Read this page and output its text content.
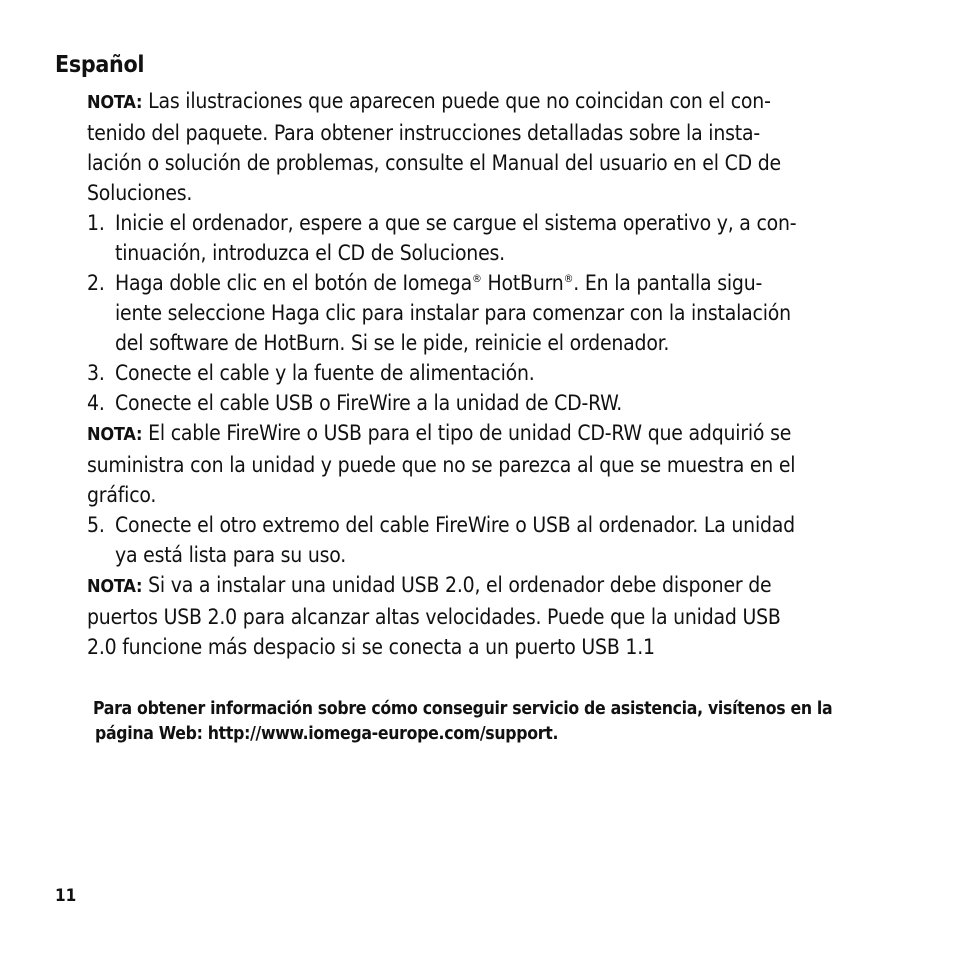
Español
NOTA: Las ilustraciones que aparecen puede que no coincidan con el con-
tenido del paquete. Para obtener instrucciones detalladas sobre la insta-
lación o solución de problemas, consulte el Manual del usuario en el CD de
Soluciones.
1. Inicie el ordenador, espere a que se cargue el sistema operativo y, a con-
tinuación, introduzca el CD de Soluciones.
2. Haga doble clic en el botón de Iomega® HotBurn®. En la pantalla sigu-
iente seleccione Haga clic para instalar para comenzar con la instalación
del software de HotBurn. Si se le pide, reinicie el ordenador.
3. Conecte el cable y la fuente de alimentación.
4. Conecte el cable USB o FireWire a la unidad de CD-RW.
NOTA: El cable FireWire o USB para el tipo de unidad CD-RW que adquirió se
suministra con la unidad y puede que no se parezca al que se muestra en el
gráfico.
5. Conecte el otro extremo del cable FireWire o USB al ordenador. La unidad
ya está lista para su uso.
NOTA: Si va a instalar una unidad USB 2.0, el ordenador debe disponer de
puertos USB 2.0 para alcanzar altas velocidades. Puede que la unidad USB
2.0 funcione más despacio si se conecta a un puerto USB 1.1
Para obtener información sobre cómo conseguir servicio de asistencia, visítenos en la
página Web: http://www.iomega-europe.com/support.
11
